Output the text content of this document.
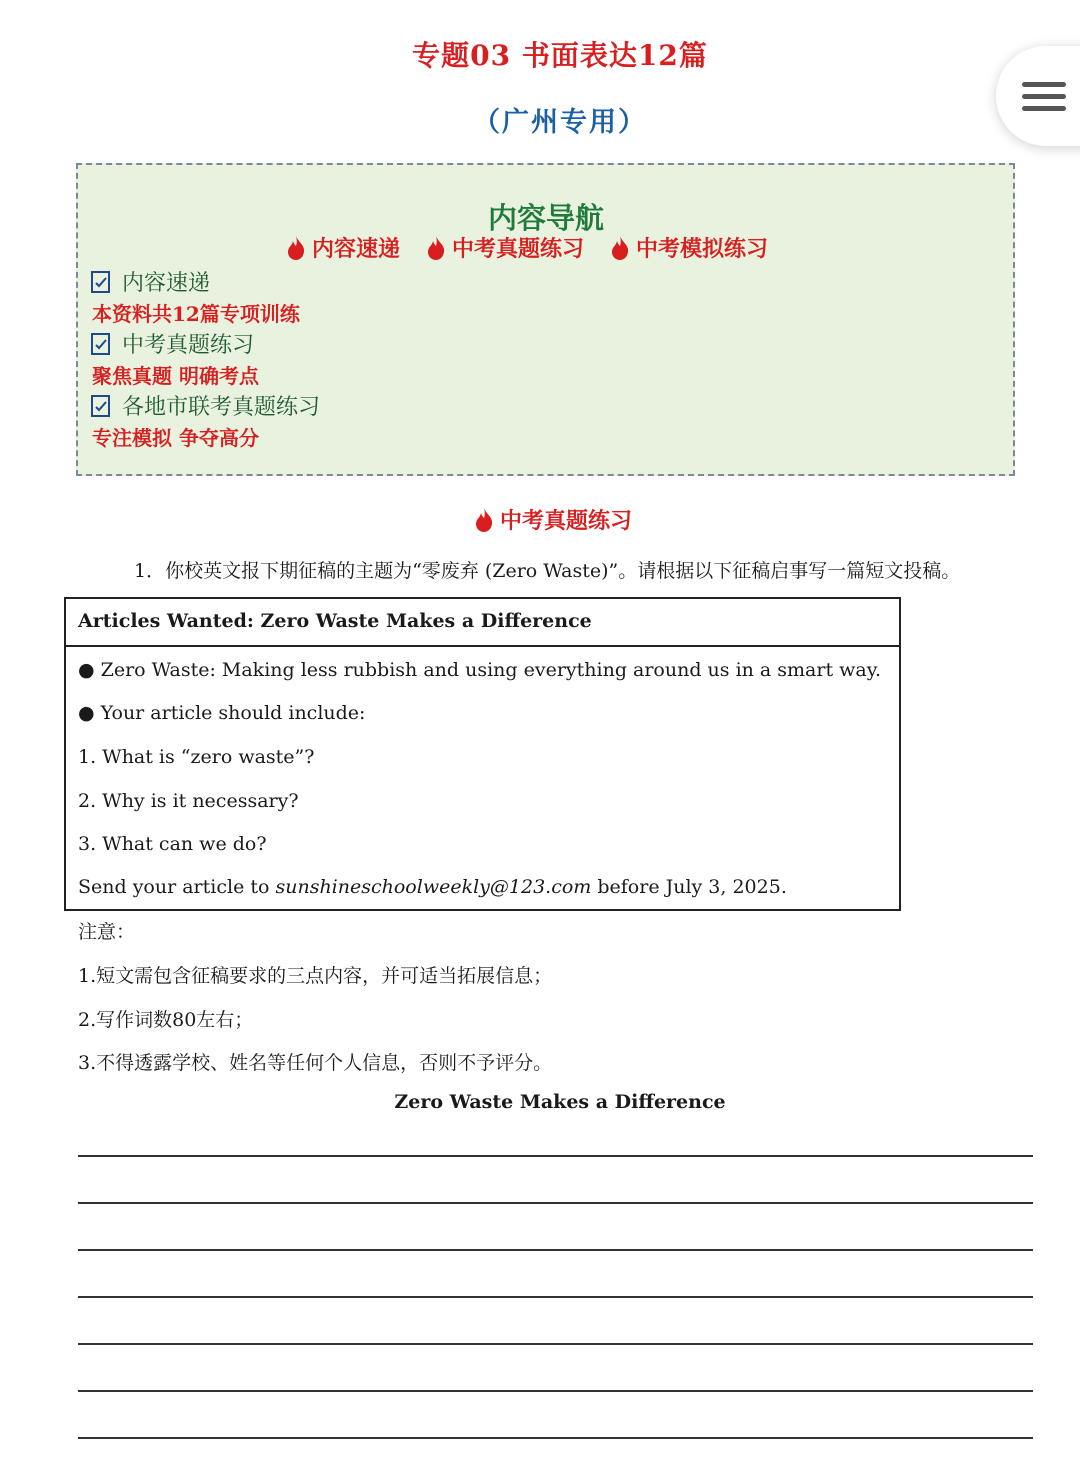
专题03 书面表达12篇
（广州专用）
内容导航
内容速递 中考真题练习 中考模拟练习
内容速递
本资料共12篇专项训练
中考真题练习
聚焦真题 明确考点
各地市联考真题练习
专注模拟 争夺高分
中考真题练习
1．你校英文报下期征稿的主题为“零废弃 (Zero Waste)”。请根据以下征稿启事写一篇短文投稿。
Articles Wanted: Zero Waste Makes a Difference
● Zero Waste: Making less rubbish and using everything around us in a smart way.
● Your article should include:
1. What is “zero waste”?
2. Why is it necessary?
3. What can we do?
Send your article to sunshineschoolweekly@123.com before July 3, 2025.
注意：
1.短文需包含征稿要求的三点内容，并可适当拓展信息；
2.写作词数80左右；
3.不得透露学校、姓名等任何个人信息，否则不予评分。
Zero Waste Makes a Difference
